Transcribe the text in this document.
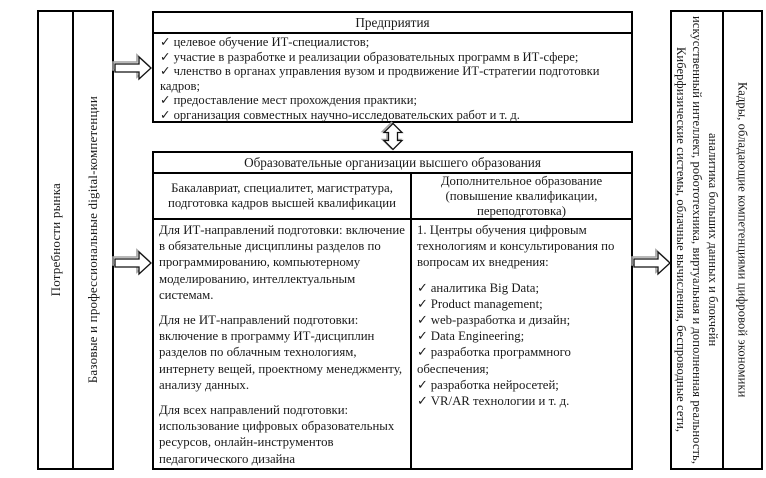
Потребности рынка Базовые и профессиональные digital-компетенции
Предприятия
✓ целевое обучение ИТ-специалистов;
✓ участие в разработке и реализации образовательных программ в ИТ-сфере;
✓ членство в органах управления вузом и продвижение ИТ-стратегии подготовки кадров;
✓ предоставление мест прохождения практики;
✓ организация совместных научно-исследовательских работ и т. д.
Образовательные организации высшего образования
Бакалавриат, специалитет, магистратура, подготовка кадров высшей квалификации
Дополнительное образование (повышение квалификации, переподготовка)

Для ИТ-направлений подготовки: включение в обязательные дисциплины разделов по программированию, компьютерному моделированию, интеллектуальным системам.

Для не ИТ-направлений подготовки: включение в программу ИТ-дисциплин разделов по облачным технологиям, интернету вещей, проектному менеджменту, анализу данных.

Для всех направлений подготовки: использование цифровых образовательных ресурсов, онлайн-инструментов педагогического дизайна

1. Центры обучения цифровым технологиям и консультирования по вопросам их внедрения:

✓ аналитика Big Data;
✓ Product management;
✓ web-разработка и дизайн;
✓ Data Engineering;
✓ разработка программного обеспечения;
✓ разработка нейросетей;
✓ VR/AR технологии и т. д.	Киберфизические системы, облачные вычисления, беспроводные сети, искусственный интеллект, робототехника, виртуальная и дополненная реальность, аналитика больших данных и блокчейн Кадры, обладающие компетенциями цифровой экономики
